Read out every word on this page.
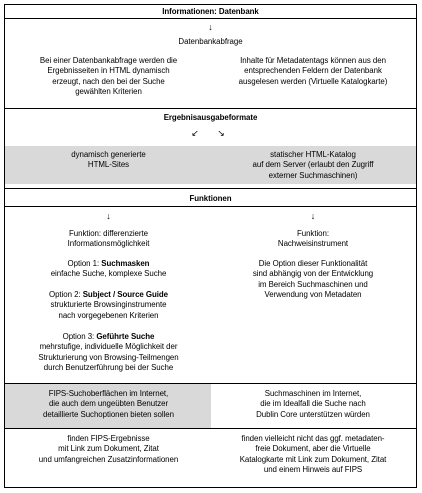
Informationen: Datenbank
↓
Datenbankabfrage
Bei einer Datenbankabfrage werden die
Ergebnisseiten in HTML dynamisch
erzeugt, nach den bei der Suche
gewählten Kriterien
Inhalte für Metadatentags können aus den
entsprechenden Feldern der Datenbank
ausgelesen werden (Virtuelle Katalogkarte)
Ergebnisausgabeformate
↙	↘
dynamisch generierte
HTML-Sites
statischer HTML-Katalog
auf dem Server (erlaubt den Zugriff
externer Suchmaschinen)
Funktionen
↓	↓
Funktion: differenzierte
Informationsmöglichkeit
Funktion:
Nachweisinstrument
Option 1: Suchmasken
einfache Suche, komplexe Suche
Option 2: Subject / Source Guide
strukturierte Browsinginstrumente
nach vorgegebenen Kriterien
Option 3: Geführte Suche
mehrstufige, individuelle Möglichkeit der
Strukturierung von Browsing-Teilmengen
durch Benutzerführung bei der Suche
Die Option dieser Funktionalität
sind abhängig von der Entwicklung
im Bereich Suchmaschinen und
Verwendung von Metadaten
FIPS-Suchoberflächen im Internet,
die auch dem ungeübten Benutzer
detaillierte Suchoptionen bieten sollen
Suchmaschinen im Internet,
die im Idealfall die Suche nach
Dublin Core unterstützen würden
finden FIPS-Ergebnisse
mit Link zum Dokument, Zitat
und umfangreichen Zusatzinformationen
finden vielleicht nicht das ggf. metadaten-
freie Dokument, aber die Virtuelle
Katalogkarte mit Link zum Dokument, Zitat
und einem Hinweis auf FIPS
